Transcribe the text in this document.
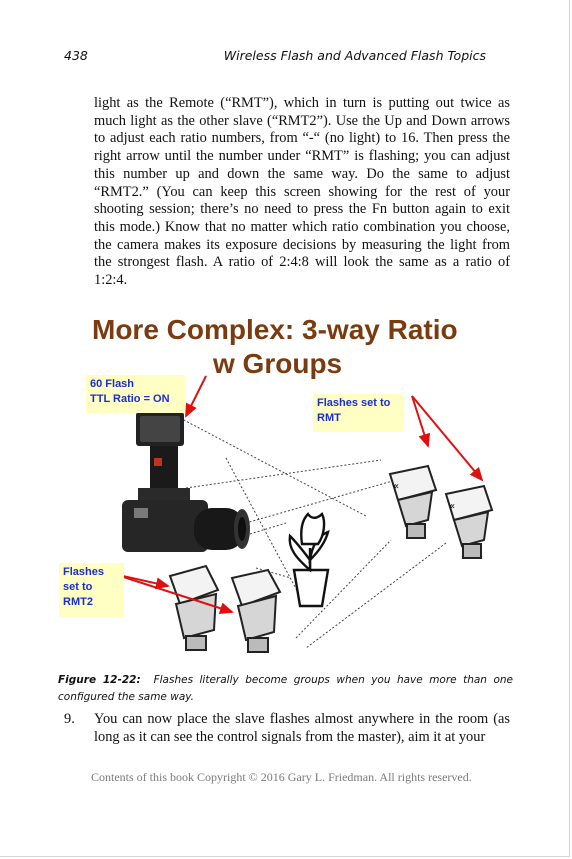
438	Wireless Flash and Advanced Flash Topics

light as the Remote (“RMT”), which in turn is putting out twice as much light as the other slave (“RMT2”). Use the Up and Down arrows to adjust each ratio numbers, from “-“ (no light) to 16. Then press the right arrow until the number under “RMT” is flashing; you can adjust this number up and down the same way. Do the same to adjust “RMT2.” (You can keep this screen showing for the rest of your shooting session; there’s no need to press the Fn button again to exit this mode.) Know that no matter which ratio combination you choose, the camera makes its exposure decisions by measuring the light from the strongest flash. A ratio of 2:4:8 will look the same as a ratio of 1:2:4.

«
«
More Complex: 3-way Ratio
w Groups
60 Flash
TTL Ratio = ON	Flashes set to
RMT
Flashes
set to
RMT2

Figure 12-22: Flashes literally become groups when you have more than one configured the same way.

9. You can now place the slave flashes almost anywhere in the room (as long as it can see the control signals from the master), aim it at your

Contents of this book Copyright © 2016 Gary L. Friedman. All rights reserved.
